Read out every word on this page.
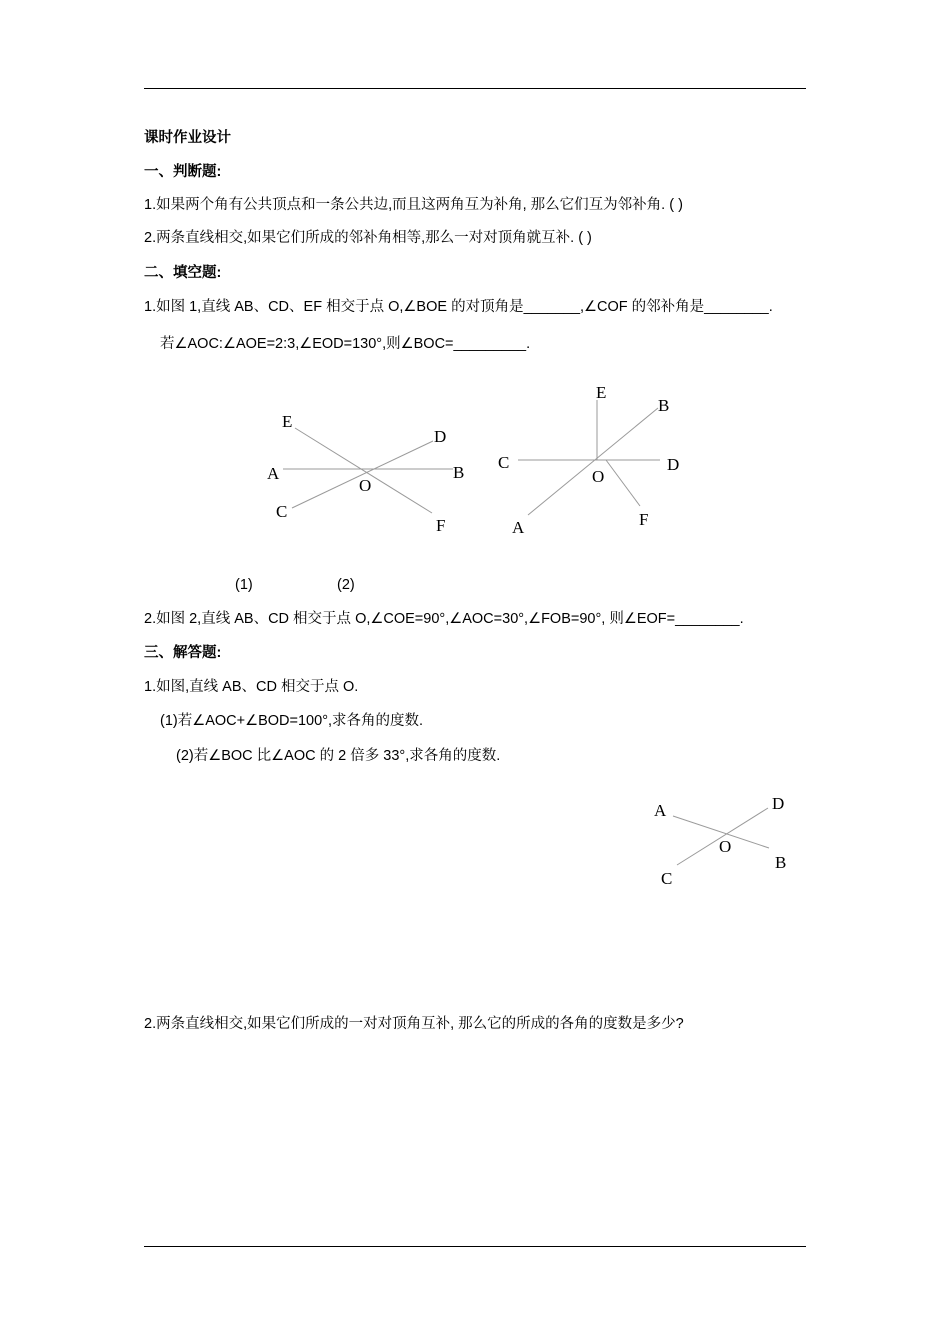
课时作业设计
一、判断题:
1.如果两个角有公共顶点和一条公共边,而且这两角互为补角, 那么它们互为邻补角. ( )
2.两条直线相交,如果它们所成的邻补角相等,那么一对对顶角就互补. ( )
二、填空题:
1.如图 1,直线 AB、CD、EF 相交于点 O,∠BOE 的对顶角是_______,∠COF 的邻补角是________.
若∠AOC:∠AOE=2:3,∠EOD=130°,则∠BOC=_________.
E
D
A	B
O
C
F
E
B
C	D
O
A	F
(1)	(2)
2.如图 2,直线 AB、CD 相交于点 O,∠COE=90°,∠AOC=30°,∠FOB=90°, 则∠EOF=________.
三、解答题:
1.如图,直线 AB、CD 相交于点 O.
(1)若∠AOC+∠BOD=100°,求各角的度数.
(2)若∠BOC 比∠AOC 的 2 倍多 33°,求各角的度数.
A	D
O
B
C
2.两条直线相交,如果它们所成的一对对顶角互补, 那么它的所成的各角的度数是多少?
